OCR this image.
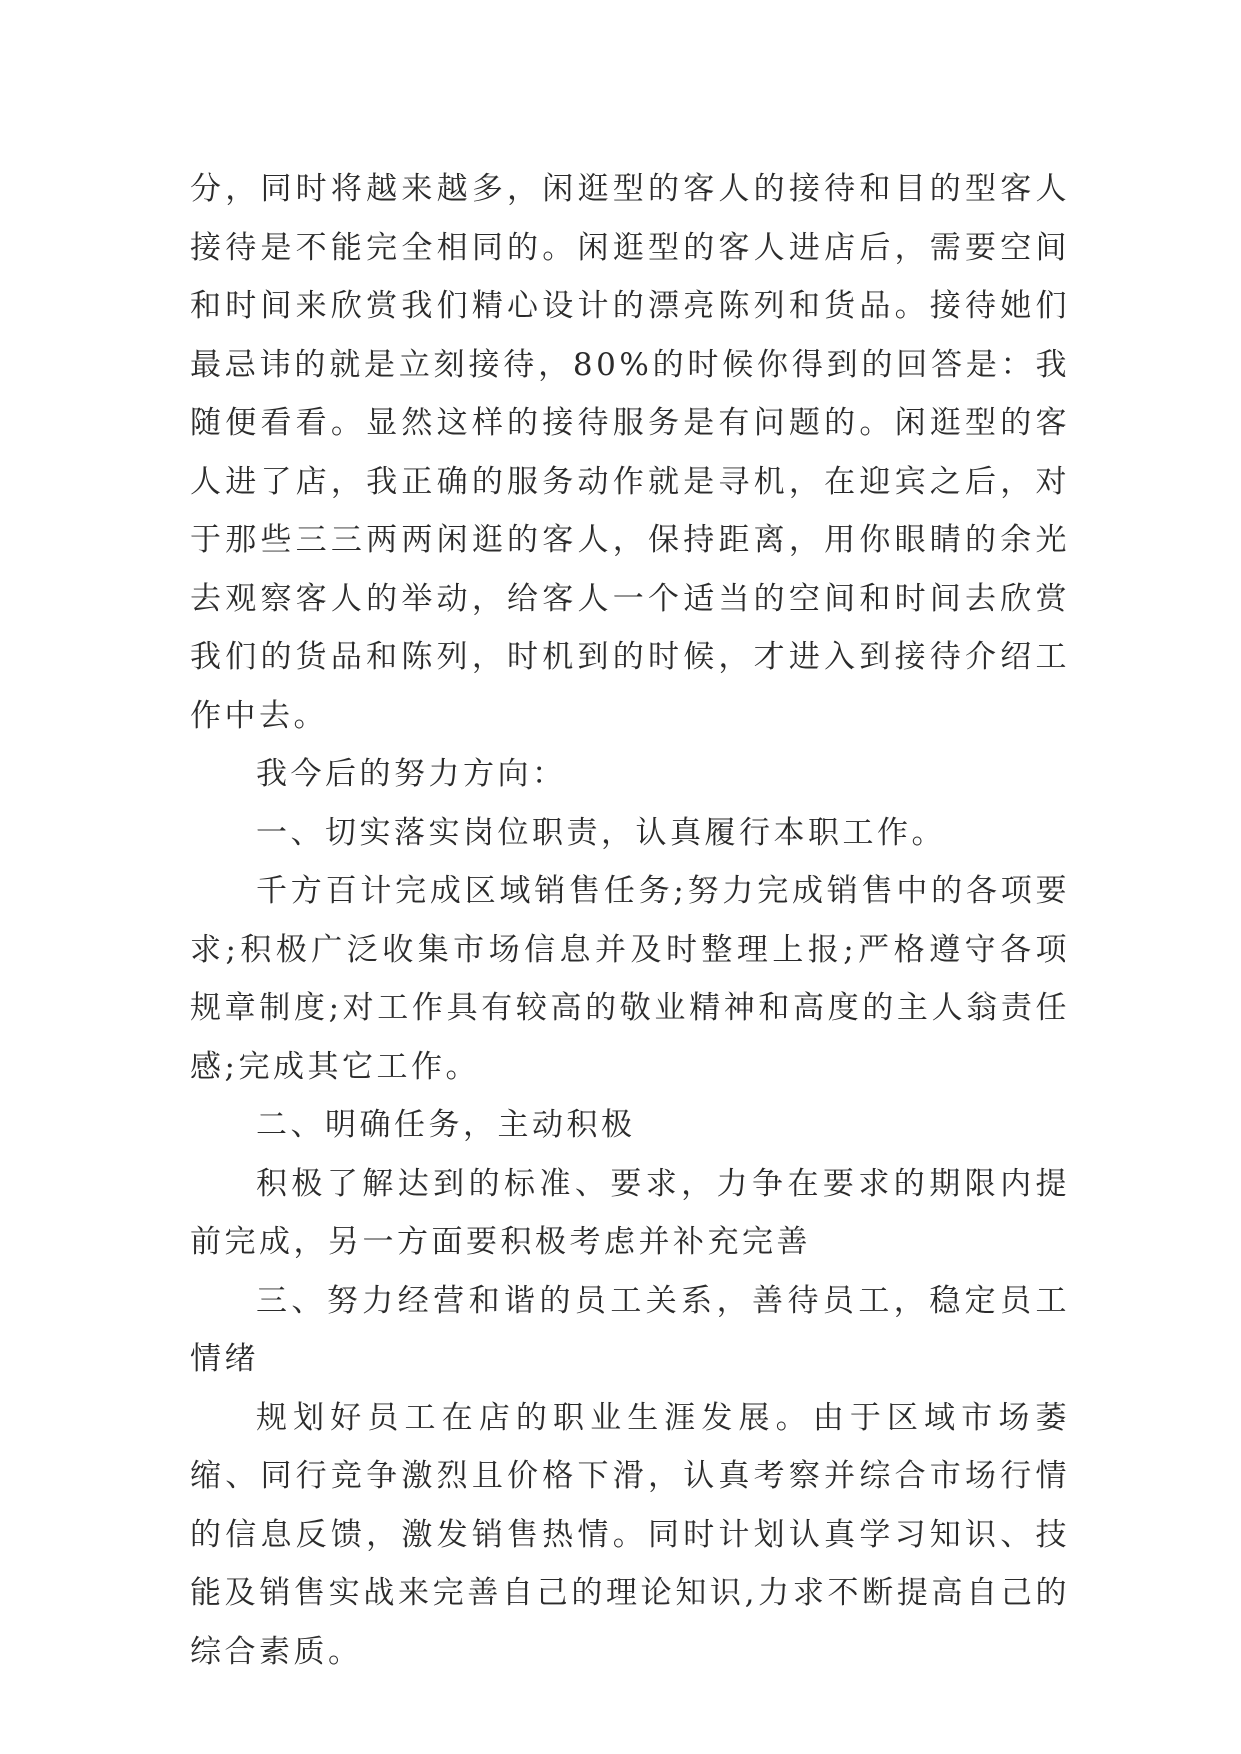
分，同时将越来越多，闲逛型的客人的接待和目的型客人接待是不能完全相同的。闲逛型的客人进店后，需要空间和时间来欣赏我们精心设计的漂亮陈列和货品。接待她们最忌讳的就是立刻接待，80%的时候你得到的回答是：我随便看看。显然这样的接待服务是有问题的。闲逛型的客人进了店，我正确的服务动作就是寻机，在迎宾之后，对于那些三三两两闲逛的客人，保持距离，用你眼睛的余光去观察客人的举动，给客人一个适当的空间和时间去欣赏我们的货品和陈列，时机到的时候，才进入到接待介绍工作中去。

我今后的努力方向：

一、切实落实岗位职责，认真履行本职工作。

千方百计完成区域销售任务;努力完成销售中的各项要求;积极广泛收集市场信息并及时整理上报;严格遵守各项规章制度;对工作具有较高的敬业精神和高度的主人翁责任感;完成其它工作。

二、明确任务，主动积极

积极了解达到的标准、要求，力争在要求的期限内提前完成，另一方面要积极考虑并补充完善

三、努力经营和谐的员工关系，善待员工，稳定员工情绪

规划好员工在店的职业生涯发展。由于区域市场萎缩、同行竞争激烈且价格下滑，认真考察并综合市场行情的信息反馈，激发销售热情。同时计划认真学习知识、技能及销售实战来完善自己的理论知识,力求不断提高自己的综合素质。
